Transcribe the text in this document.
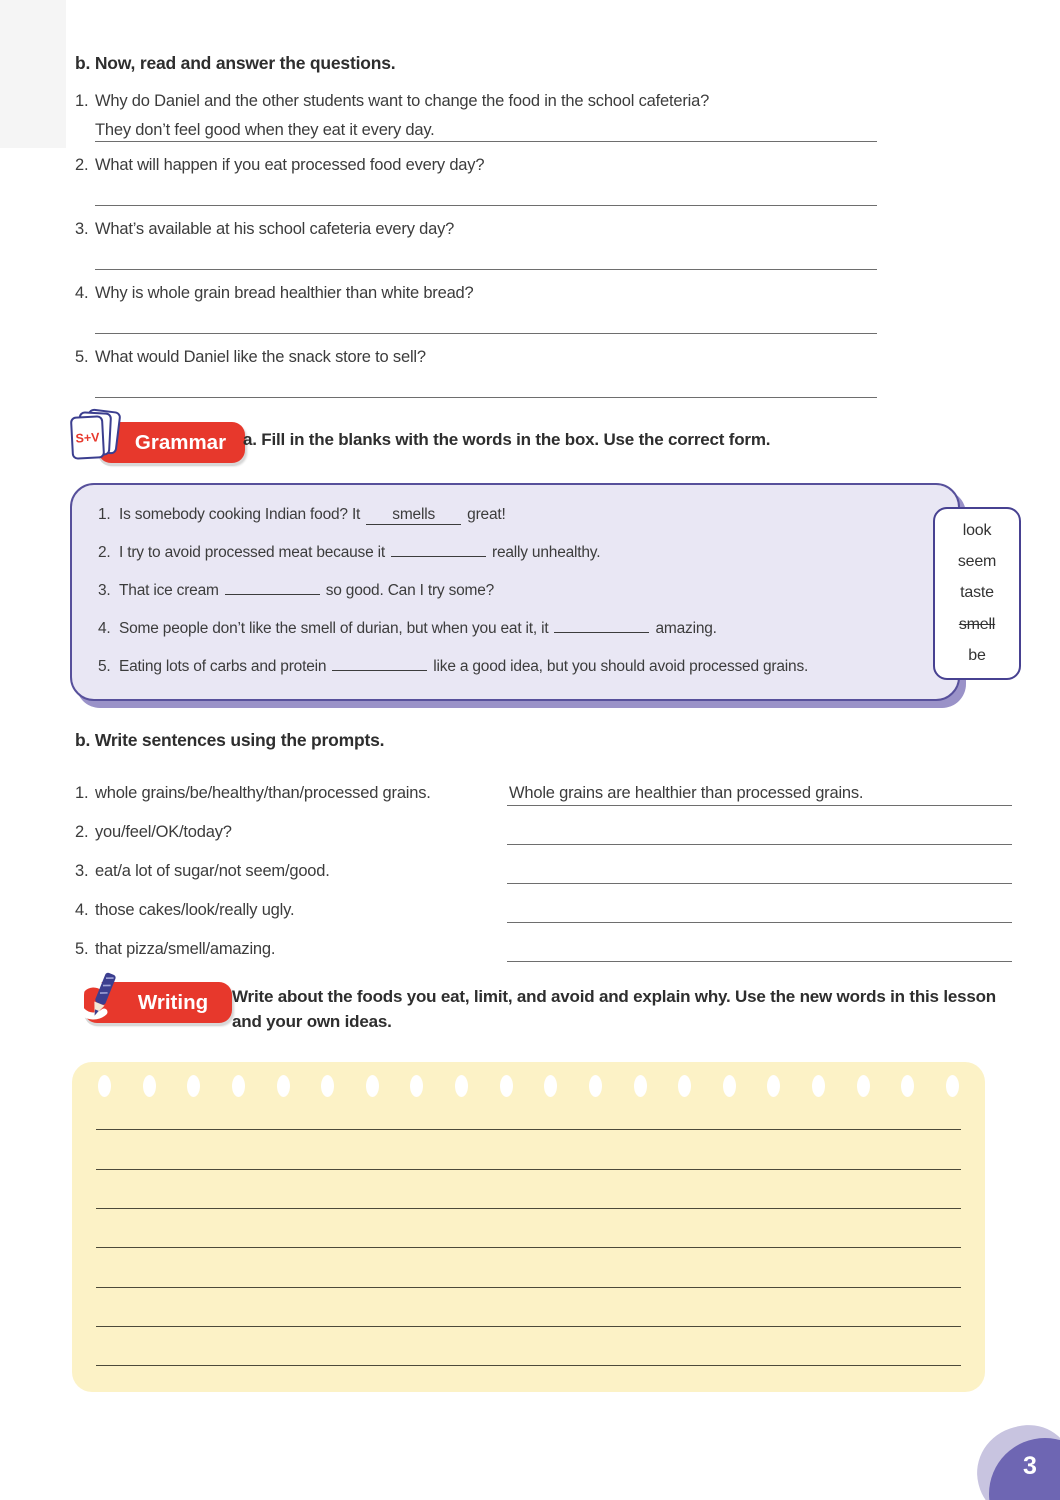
b. Now, read and answer the questions.
1. Why do Daniel and the other students want to change the food in the school cafeteria?
They don’t feel good when they eat it every day.
2. What will happen if you eat processed food every day?
3. What’s available at his school cafeteria every day?
4. Why is whole grain bread healthier than white bread?
5. What would Daniel like the snack store to sell?
Grammar
S+V	a. Fill in the blanks with the words in the box. Use the correct form.
1. Is somebody cooking Indian food? It smells great!
2. I try to avoid processed meat because it	really unhealthy.
3. That ice cream	so good. Can I try some?
4. Some people don’t like the smell of durian, but when you eat it, it	amazing.
5. Eating lots of carbs and protein	like a good idea, but you should avoid processed grains.
look
seem
taste
smell
be
b. Write sentences using the prompts.
1. whole grains/be/healthy/than/processed grains.	Whole grains are healthier than processed grains.
2. you/feel/OK/today?
3. eat/a lot of sugar/not seem/good.
4. those cakes/look/really ugly.
5. that pizza/smell/amazing.
Writing	Write about the foods you eat, limit, and avoid and explain why. Use the new words in this lesson and your own ideas.
3
